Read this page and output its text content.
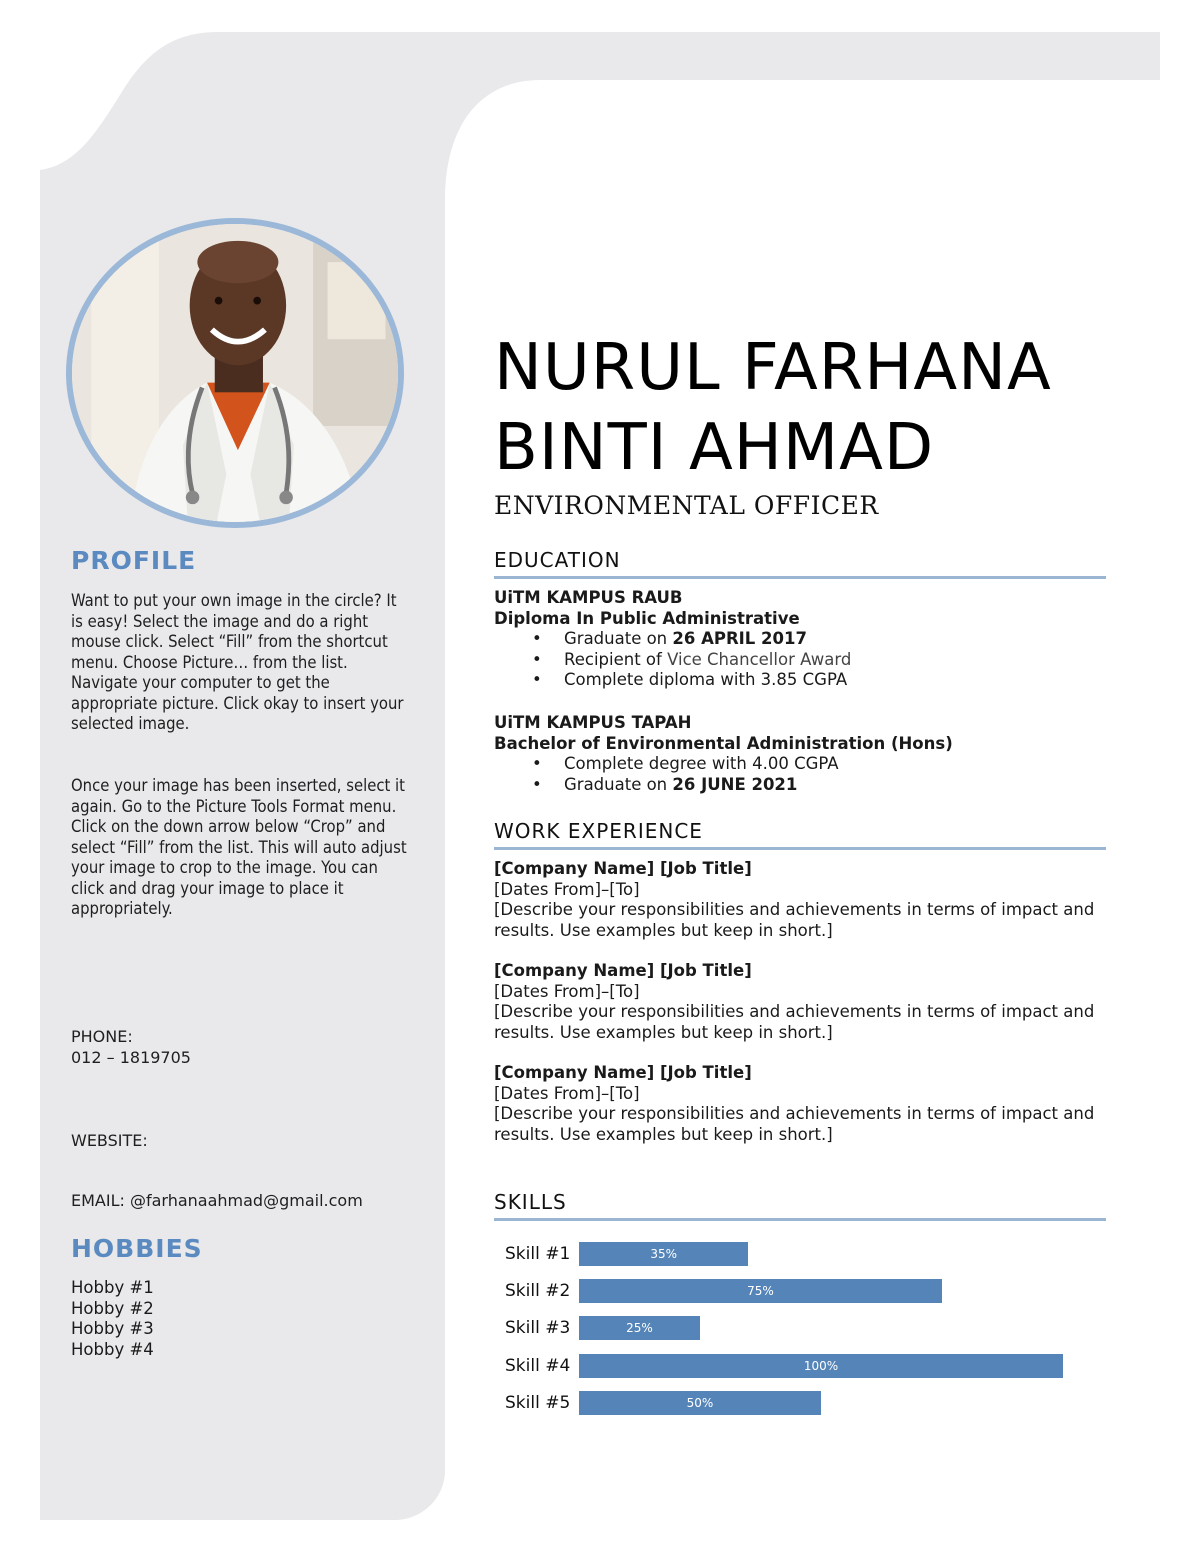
PROFILE
Want to put your own image in the circle? It is easy! Select the image and do a right mouse click. Select “Fill” from the shortcut menu. Choose Picture… from the list. Navigate your computer to get the appropriate picture. Click okay to insert your selected image.
Once your image has been inserted, select it again. Go to the Picture Tools Format menu. Click on the down arrow below “Crop” and select “Fill” from the list. This will auto adjust your image to crop to the image. You can click and drag your image to place it appropriately.
PHONE:
012 – 1819705
WEBSITE:
EMAIL: @farhanaahmad@gmail.com
HOBBIES
Hobby #1
Hobby #2
Hobby #3
Hobby #4
NURUL FARHANA
BINTI AHMAD
ENVIRONMENTAL OFFICER
EDUCATION
UiTM KAMPUS RAUB
Diploma In Public Administrative
• Graduate on 26 APRIL 2017
• Recipient of Vice Chancellor Award
• Complete diploma with 3.85 CGPA
UiTM KAMPUS TAPAH
Bachelor of Environmental Administration (Hons)
• Complete degree with 4.00 CGPA
• Graduate on 26 JUNE 2021
WORK EXPERIENCE
[Company Name] [Job Title]
[Dates From]–[To]
[Describe your responsibilities and achievements in terms of impact and results. Use examples but keep in short.]
[Company Name] [Job Title]
[Dates From]–[To]
[Describe your responsibilities and achievements in terms of impact and results. Use examples but keep in short.]
[Company Name] [Job Title]
[Dates From]–[To]
[Describe your responsibilities and achievements in terms of impact and results. Use examples but keep in short.]
SKILLS
Skill #1	35%
Skill #2	75%
Skill #3	25%
Skill #4	100%
Skill #5	50%
